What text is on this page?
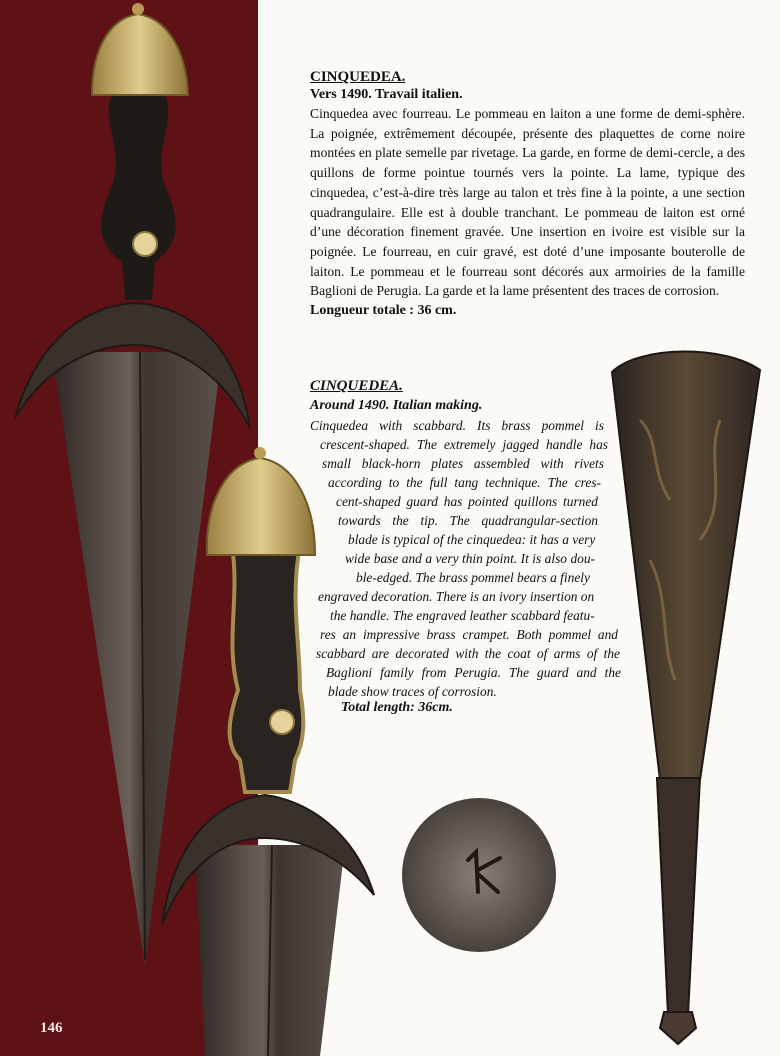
CINQUEDEA.
Vers 1490. Travail italien.
Cinquedea avec fourreau. Le pommeau en laiton a une forme de demi-sphère. La poignée, extrêmement découpée, présente des plaquettes de corne noire montées en plate semelle par rivetage. La garde, en forme de demi-cercle, a des quillons de forme pointue tournés vers la pointe. La lame, typique des cinquedea, c’est-à-dire très large au talon et très fine à la pointe, a une section quadrangulaire. Elle est à double tranchant. Le pommeau de laiton est orné d’une décoration finement gravée. Une insertion en ivoire est visible sur la poignée. Le fourreau, en cuir gravé, est doté d’une imposante bouterolle de laiton. Le pommeau et le fourreau sont décorés aux armoiries de la famille Baglioni de Perugia. La garde et la lame présentent des traces de corrosion.
Longueur totale : 36 cm.
CINQUEDEA.
Around 1490. Italian making.
Cinquedea with scabbard. Its brass pommel is
crescent-shaped. The extremely jagged handle has
small black-horn plates assembled with rivets
according to the full tang technique. The cres-
cent-shaped guard has pointed quillons turned
towards the tip. The quadrangular-section
blade is typical of the cinquedea: it has a very
wide base and a very thin point. It is also dou-
ble-edged. The brass pommel bears a finely
engraved decoration. There is an ivory insertion on
the handle. The engraved leather scabbard featu-
res an impressive brass crampet. Both pommel and
scabbard are decorated with the coat of arms of the
Baglioni family from Perugia. The guard and the
blade show traces of corrosion.
Total length: 36cm.
146
